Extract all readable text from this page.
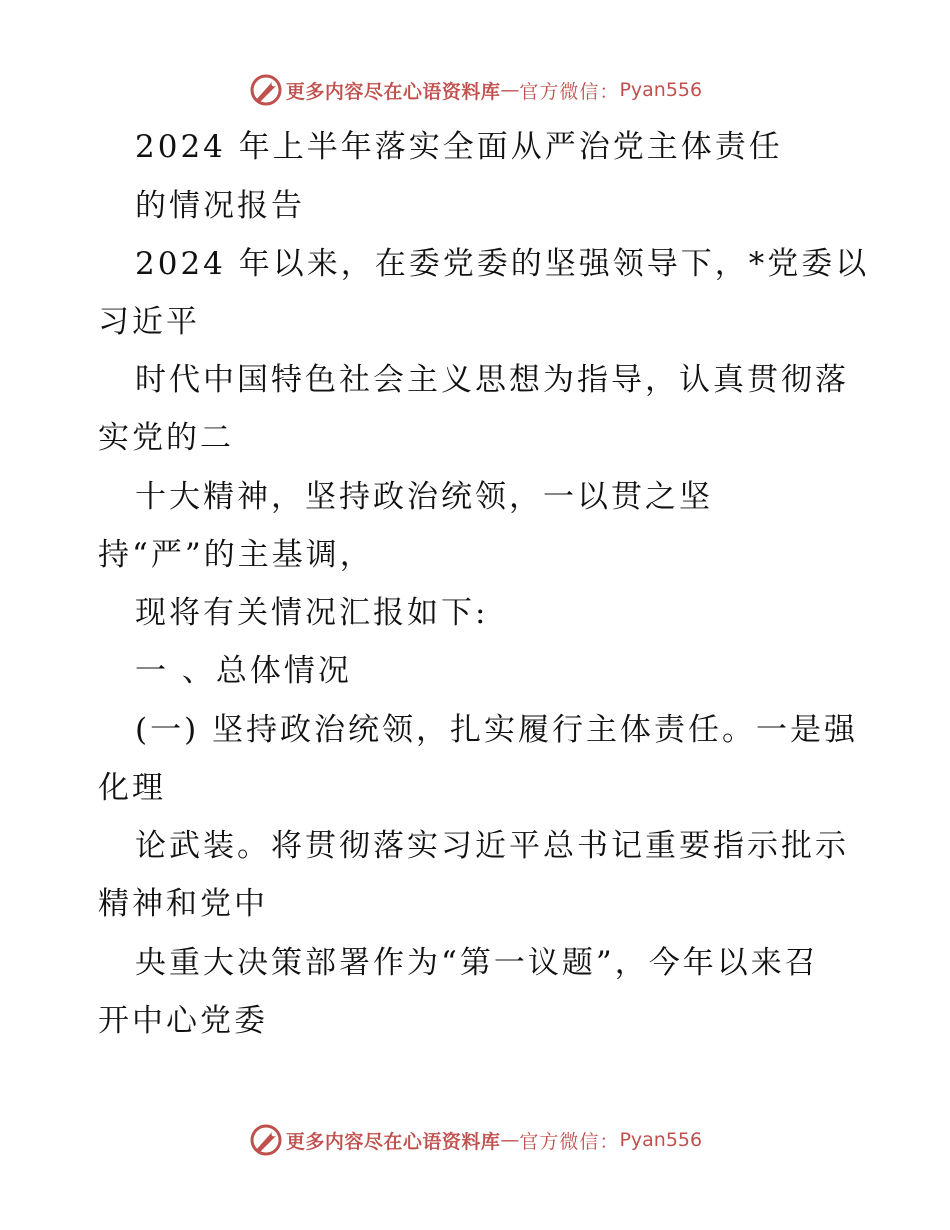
更多内容尽在心语资料库 — 官方微信： Pyan556
2024 年上半年落实全面从严治党主体责任
的情况报告
2024 年以来，在委党委的坚强领导下，*党委以
习近平
时代中国特色社会主义思想为指导，认真贯彻落
实党的二
十大精神，坚持政治统领，一以贯之坚
持“严”的主基调，
现将有关情况汇报如下:
一 、总体情况
(一) 坚持政治统领，扎实履行主体责任。一是强
化理
论武装。将贯彻落实习近平总书记重要指示批示
精神和党中
央重大决策部署作为“第一议题”，今年以来召
开中心党委
更多内容尽在心语资料库 — 官方微信： Pyan556
